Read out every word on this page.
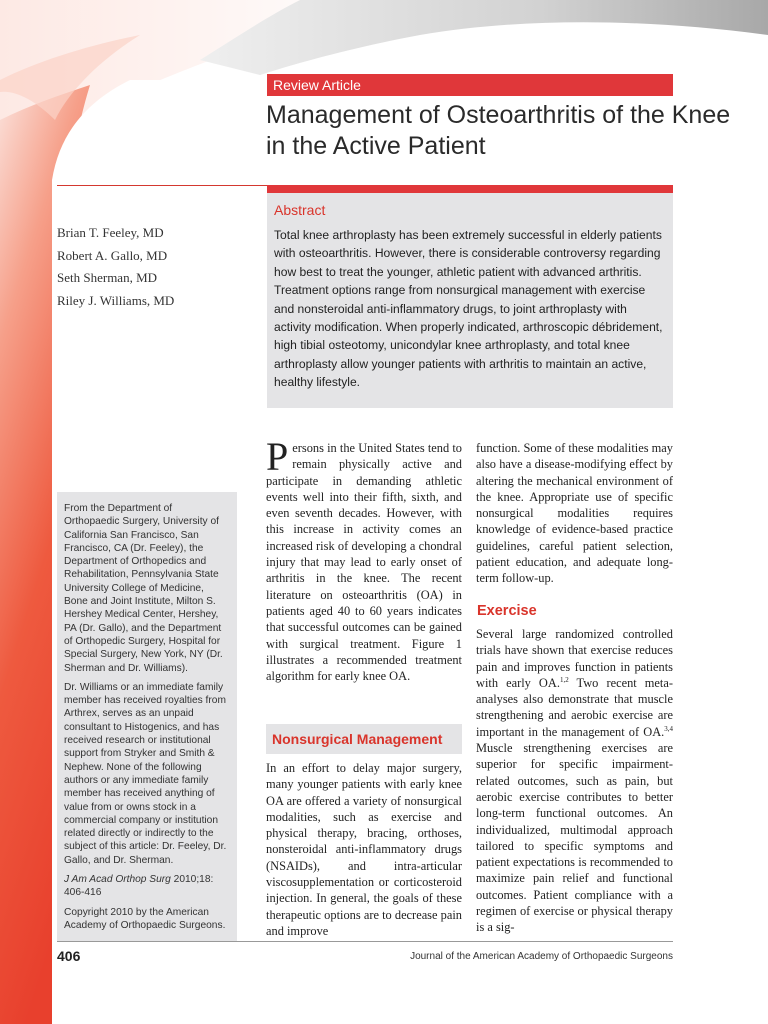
Review Article
Management of Osteoarthritis of the Knee in the Active Patient
Abstract

Total knee arthroplasty has been extremely successful in elderly patients with osteoarthritis. However, there is considerable controversy regarding how best to treat the younger, athletic patient with advanced arthritis. Treatment options range from nonsurgical management with exercise and nonsteroidal anti-inflammatory drugs, to joint arthroplasty with activity modification. When properly indicated, arthroscopic débridement, high tibial osteotomy, unicondylar knee arthroplasty, and total knee arthroplasty allow younger patients with arthritis to maintain an active, healthy lifestyle.

Brian T. Feeley, MD
Robert A. Gallo, MD
Seth Sherman, MD
Riley J. Williams, MD

From the Department of Orthopaedic Surgery, University of California San Francisco, San Francisco, CA (Dr. Feeley), the Department of Orthopedics and Rehabilitation, Pennsylvania State University College of Medicine, Bone and Joint Institute, Milton S. Hershey Medical Center, Hershey, PA (Dr. Gallo), and the Department of Orthopedic Surgery, Hospital for Special Surgery, New York, NY (Dr. Sherman and Dr. Williams).

Dr. Williams or an immediate family member has received royalties from Arthrex, serves as an unpaid consultant to Histogenics, and has received research or institutional support from Stryker and Smith & Nephew. None of the following authors or any immediate family member has received anything of value from or owns stock in a commercial company or institution related directly or indirectly to the subject of this article: Dr. Feeley, Dr. Gallo, and Dr. Sherman.

J Am Acad Orthop Surg 2010;18: 406-416

Copyright 2010 by the American Academy of Orthopaedic Surgeons.

Persons in the United States tend to remain physically active and participate in demanding athletic events well into their fifth, sixth, and even seventh decades. However, with this increase in activity comes an increased risk of developing a chondral injury that may lead to early onset of arthritis in the knee. The recent literature on osteoarthritis (OA) in patients aged 40 to 60 years indicates that successful outcomes can be gained with surgical treatment. Figure 1 illustrates a recommended treatment algorithm for early knee OA.

Nonsurgical Management

In an effort to delay major surgery, many younger patients with early knee OA are offered a variety of nonsurgical modalities, such as exercise and physical therapy, bracing, orthoses, nonsteroidal anti-inflammatory drugs (NSAIDs), and intra-articular viscosupplementation or corticosteroid injection. In general, the goals of these therapeutic options are to decrease pain and improve

function. Some of these modalities may also have a disease-modifying effect by altering the mechanical environment of the knee. Appropriate use of specific nonsurgical modalities requires knowledge of evidence-based practice guidelines, careful patient selection, patient education, and adequate long-term follow-up.

Exercise

Several large randomized controlled trials have shown that exercise reduces pain and improves function in patients with early OA.$^{1,2}$ Two recent meta-analyses also demonstrate that muscle strengthening and aerobic exercise are important in the management of OA.$^{3,4}$ Muscle strengthening exercises are superior for specific impairment-related outcomes, such as pain, but aerobic exercise contributes to better long-term functional outcomes. An individualized, multimodal approach tailored to specific symptoms and patient expectations is recommended to maximize pain relief and functional outcomes. Patient compliance with a regimen of exercise or physical therapy is a sig-

406	Journal of the American Academy of Orthopaedic Surgeons
